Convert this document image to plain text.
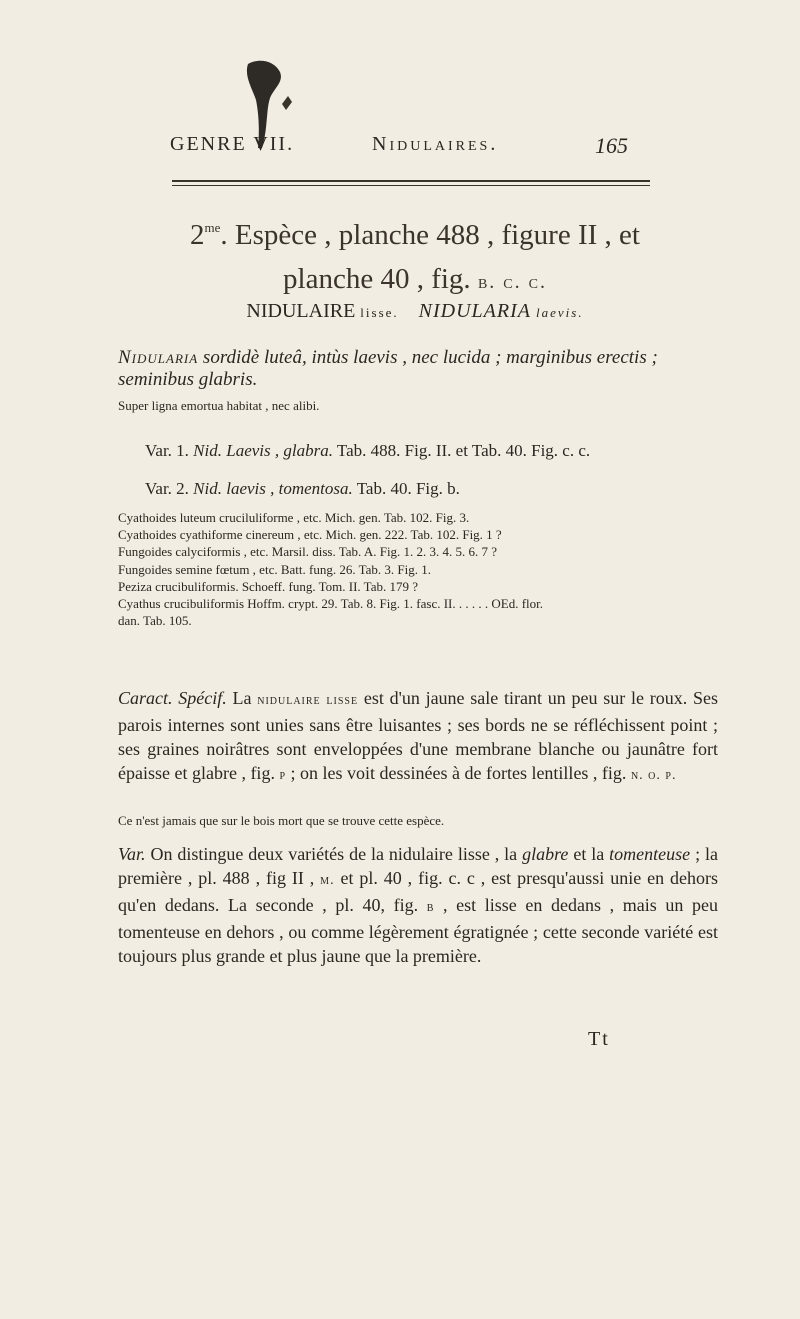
GENRE VII.	Nidulaires.	165
$2^{me}$. Espèce , planche 488 , figure II , et
planche 40 , fig. b. c. c.
NIDULAIRE lisse. NIDULARIA laevis.
Nidularia sordidè luteâ, intùs laevis , nec lucida ; marginibus erectis ; seminibus glabris.
Super ligna emortua habitat , nec alibi.
Var. 1. Nid. Laevis , glabra. Tab. 488. Fig. II. et Tab. 40. Fig. c. c.
Var. 2. Nid. laevis , tomentosa. Tab. 40. Fig. b.
Cyathoides luteum cruciluliforme , etc. Mich. gen. Tab. 102. Fig. 3.
Cyathoides cyathiforme cinereum , etc. Mich. gen. 222. Tab. 102. Fig. 1 ?
Fungoides calyciformis , etc. Marsil. diss. Tab. A. Fig. 1. 2. 3. 4. 5. 6. 7 ?
Fungoides semine fœtum , etc. Batt. fung. 26. Tab. 3. Fig. 1.
Peziza crucibuliformis. Schoeff. fung. Tom. II. Tab. 179 ?
Cyathus crucibuliformis Hoffm. crypt. 29. Tab. 8. Fig. 1. fasc. II. . . . . . OEd. flor.
dan. Tab. 105.
Caract. Spécif. La nidulaire lisse est d'un jaune sale tirant un peu sur le roux. Ses parois internes sont unies sans être luisantes ; ses bords ne se réfléchissent point ; ses graines noirâtres sont enveloppées d'une membrane blanche ou jaunâtre fort épaisse et glabre , fig. p ; on les voit dessinées à de fortes lentilles , fig. n. o. p.
Ce n'est jamais que sur le bois mort que se trouve cette espèce.
Var. On distingue deux variétés de la nidulaire lisse , la glabre et la tomenteuse ; la première , pl. 488 , fig II , m. et pl. 40 , fig. c. c , est presqu'aussi unie en dehors qu'en dedans. La seconde , pl. 40, fig. b , est lisse en dedans , mais un peu tomenteuse en dehors , ou comme légèrement égratignée ; cette seconde variété est toujours plus grande et plus jaune que la première.
Tt
